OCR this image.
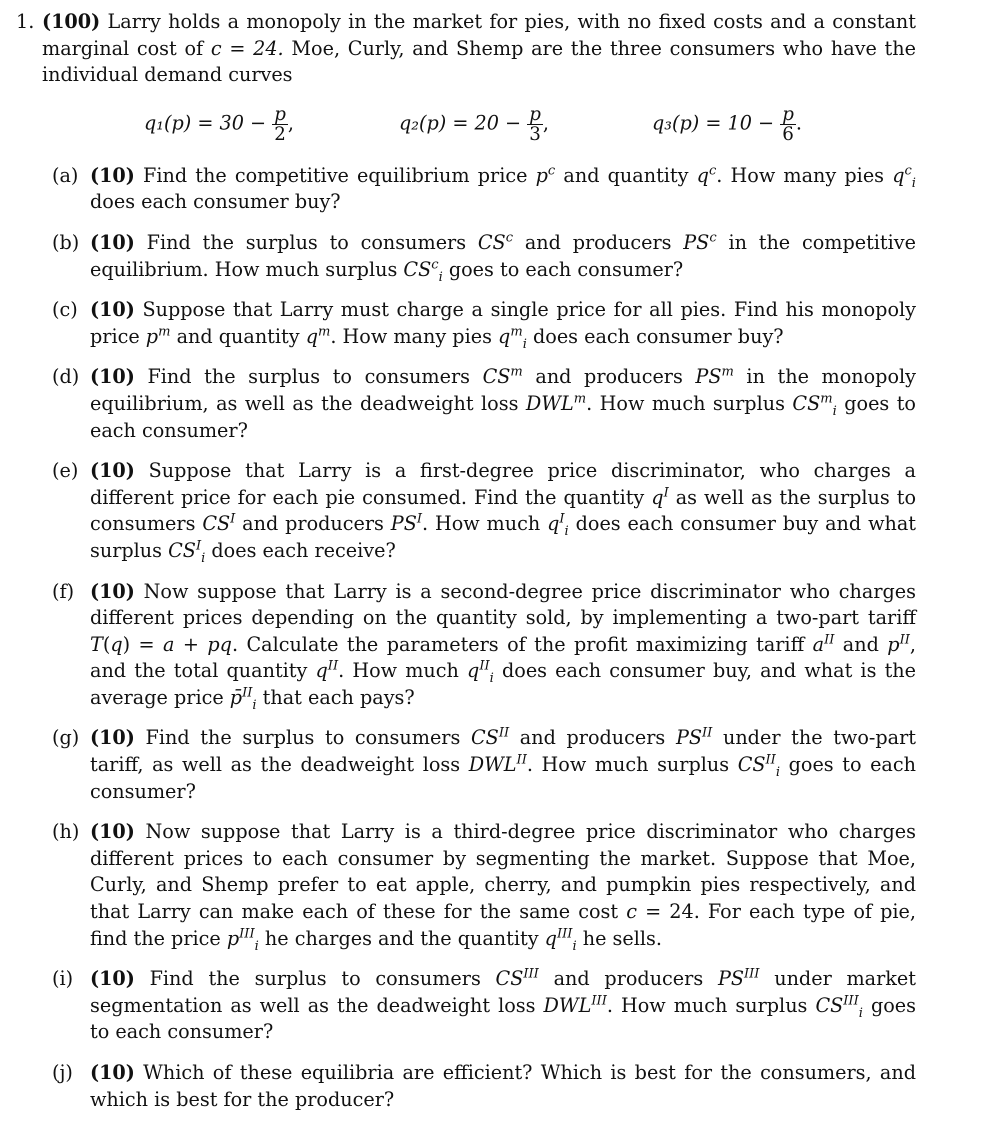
1. (100) Larry holds a monopoly in the market for pies, with no fixed costs and a constant marginal cost of c = 24. Moe, Curly, and Shemp are the three consumers who have the individual demand curves
$q_1(p) = 30 - \frac{p}{2}$ ,	$q_2(p) = 20 - \frac{p}{3}$ ,	$q_3(p) = 10 - \frac{p}{6}$ .
(a) (10) Find the competitive equilibrium price $p^c$ and quantity $q^c$. How many pies $q^c_i$ does each consumer buy?
(b) (10) Find the surplus to consumers $CS^c$ and producers $PS^c$ in the competitive equilibrium. How much surplus $CS^c_i$ goes to each consumer?
(c) (10) Suppose that Larry must charge a single price for all pies. Find his monopoly price $p^m$ and quantity $q^m$. How many pies $q^m_i$ does each consumer buy?
(d) (10) Find the surplus to consumers $CS^m$ and producers $PS^m$ in the monopoly equilibrium, as well as the deadweight loss DWL$^m$. How much surplus $CS^m_i$ goes to each consumer?
(e) (10) Suppose that Larry is a first-degree price discriminator, who charges a different price for each pie consumed. Find the quantity $q^I$ as well as the surplus to consumers $CS^I$ and producers $PS^I$. How much $q^I_i$ does each consumer buy and what surplus $CS^I_i$ does each receive?
(f) (10) Now suppose that Larry is a second-degree price discriminator who charges different prices depending on the quantity sold, by implementing a two-part tariff T(q) = a + pq. Calculate the parameters of the profit maximizing tariff $a^{II}$ and $p^{II}$, and the total quantity $q^{II}$. How much $q^{II}_i$ does each consumer buy, and what is the average price p̄$^{II}_i$ that each pays?
(g) (10) Find the surplus to consumers $CS^{II}$ and producers $PS^{II}$ under the two-part tariff, as well as the deadweight loss $DWL^{II}$. How much surplus $CS^{II}_i$ goes to each consumer?
(h) (10) Now suppose that Larry is a third-degree price discriminator who charges different prices to each consumer by segmenting the market. Suppose that Moe, Curly, and Shemp prefer to eat apple, cherry, and pumpkin pies respectively, and that Larry can make each of these for the same cost c = 24. For each type of pie, find the price $p^{III}_i$ he charges and the quantity $q^{III}_i$ he sells.
(i) (10) Find the surplus to consumers $CS^{III}$ and producers $PS^{III}$ under market segmentation as well as the deadweight loss $DWL^{III}$. How much surplus $CS^{III}_i$ goes to each consumer?
(j) (10) Which of these equilibria are efficient? Which is best for the consumers, and which is best for the producer?
